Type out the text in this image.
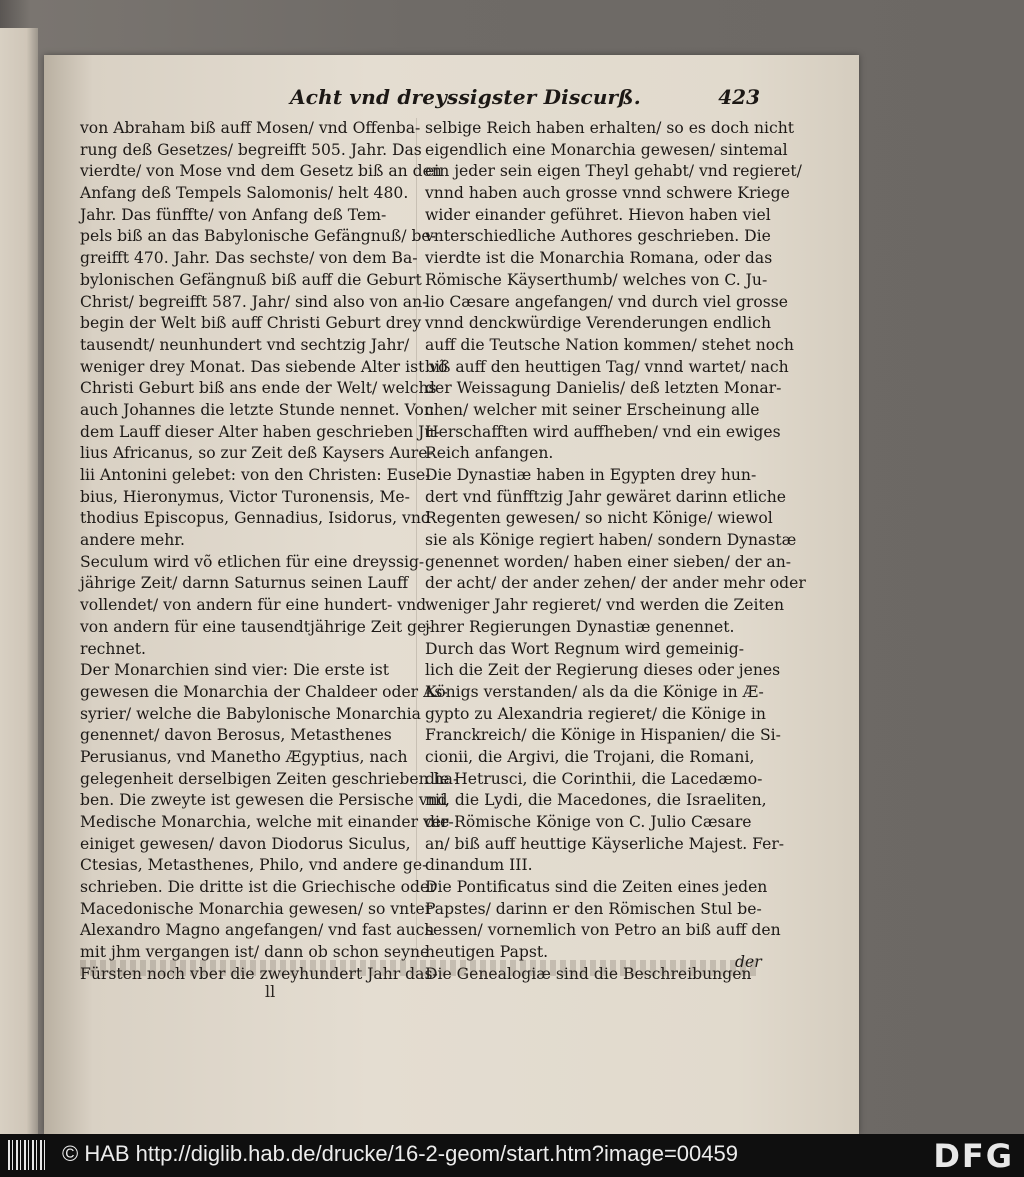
Acht vnd dreyssigster Discurß.	423
von Abraham biß auff Mosen/ vnd Offenba-
rung deß Gesetzes/ begreifft 505. Jahr. Das
vierdte/ von Mose vnd dem Gesetz biß an den
Anfang deß Tempels Salomonis/ helt 480.
Jahr. Das fünffte/ von Anfang deß Tem-
pels biß an das Babylonische Gefängnuß/ be-
greifft 470. Jahr. Das sechste/ von dem Ba-
bylonischen Gefängnuß biß auff die Geburt
Christ/ begreifft 587. Jahr/ sind also von an-
begin der Welt biß auff Christi Geburt drey
tausendt/ neunhundert vnd sechtzig Jahr/
weniger drey Monat. Das siebende Alter ist võ
Christi Geburt biß ans ende der Welt/ welchs
auch Johannes die letzte Stunde nennet. Von
dem Lauff dieser Alter haben geschrieben Ju-
lius Africanus, so zur Zeit deß Kaysers Aure-
lii Antonini gelebet: von den Christen: Euse-
bius, Hieronymus, Victor Turonensis, Me-
thodius Episcopus, Gennadius, Isidorus, vnd
andere mehr.
Seculum wird võ etlichen für eine dreyssig-
jährige Zeit/ darnn Saturnus seinen Lauff
vollendet/ von andern für eine hundert- vnd
von andern für eine tausendtjährige Zeit ge-
rechnet.
Der Monarchien sind vier: Die erste ist
gewesen die Monarchia der Chaldeer oder As-
syrier/ welche die Babylonische Monarchia
genennet/ davon Berosus, Metasthenes
Perusianus, vnd Manetho Ægyptius, nach
gelegenheit derselbigen Zeiten geschrieben ha-
ben. Die zweyte ist gewesen die Persische vnd
Medische Monarchia, welche mit einander ver-
einiget gewesen/ davon Diodorus Siculus,
Ctesias, Metasthenes, Philo, vnd andere ge-
schrieben. Die dritte ist die Griechische oder
Macedonische Monarchia gewesen/ so vnter
Alexandro Magno angefangen/ vnd fast auch
mit jhm vergangen ist/ dann ob schon seyne
Fürsten noch vber die zweyhundert Jahr das-
selbige Reich haben erhalten/ so es doch nicht
eigendlich eine Monarchia gewesen/ sintemal
ein jeder sein eigen Theyl gehabt/ vnd regieret/
vnnd haben auch grosse vnnd schwere Kriege
wider einander geführet. Hievon haben viel
vnterschiedliche Authores geschrieben. Die
vierdte ist die Monarchia Romana, oder das
Römische Käyserthumb/ welches von C. Ju-
lio Cæsare angefangen/ vnd durch viel grosse
vnnd denckwürdige Verenderungen endlich
auff die Teutsche Nation kommen/ stehet noch
biß auff den heuttigen Tag/ vnnd wartet/ nach
der Weissagung Danielis/ deß letzten Monar-
chen/ welcher mit seiner Erscheinung alle
Herschafften wird auffheben/ vnd ein ewiges
Reich anfangen.
Die Dynastiæ haben in Egypten drey hun-
dert vnd fünfftzig Jahr gewäret darinn etliche
Regenten gewesen/ so nicht Könige/ wiewol
sie als Könige regiert haben/ sondern Dynastæ
genennet worden/ haben einer sieben/ der an-
der acht/ der ander zehen/ der ander mehr oder
weniger Jahr regieret/ vnd werden die Zeiten
jhrer Regierungen Dynastiæ genennet.
Durch das Wort Regnum wird gemeinig-
lich die Zeit der Regierung dieses oder jenes
Königs verstanden/ als da die Könige in Æ-
gypto zu Alexandria regieret/ die Könige in
Franckreich/ die Könige in Hispanien/ die Si-
cionii, die Argivi, die Trojani, die Romani,
die Hetrusci, die Corinthii, die Lacedæmo-
nii, die Lydi, die Macedones, die Israeliten,
die Römische Könige von C. Julio Cæsare
an/ biß auff heuttige Käyserliche Majest. Fer-
dinandum III.
Die Pontificatus sind die Zeiten eines jeden
Papstes/ darinn er den Römischen Stul be-
sessen/ vornemlich von Petro an biß auff den
heutigen Papst.
Die Genealogiæ sind die Beschreibungen
ll
der
© HAB http://diglib.hab.de/drucke/16-2-geom/start.htm?image=00459	DFG
